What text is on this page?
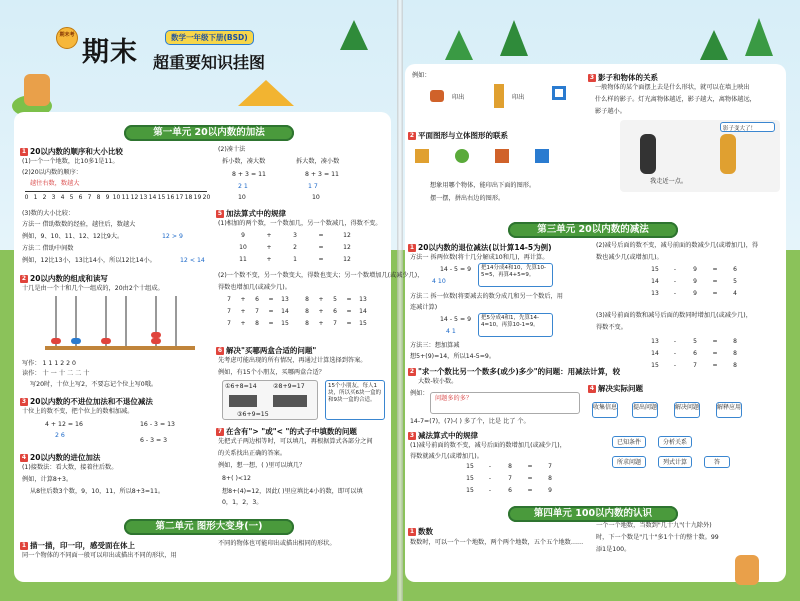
期末考
期末	数学一年级下册(BSD)
超重要知识挂图
第一单元 20以内数的加法
1 20以内数的顺序和大小比较
(1)一个一个地数，比10多1是11。
(2)20以内数的顺序：
越往右数，数越大
0 1 2 3 4 5 6 7 8 9 10 11 12 13 14 15 16 17 18 19 20
(3)数的大小比较：
方法一 借助数数的经验，越往后，数越大
例如，9、10、11、12、12比9大。	12 > 9
方法二 借助中间数
例如，12比13小，13比14小，所以12比14小。	12 < 14
2 20以内数的组成和读写
十几是由一个十和几个一组成的，20由2个十组成。
写作： 1 1 1 2 2 0
读作： 十 一 十 二 二 十
写20时，十位上写2，不要忘记个位上写0哦。
3 20以内数的不进位加法和不退位减法
十位上的数不变，把个位上的数相加减。
4 + 12 = 16	16 - 3 = 13
2 6
6 - 3 = 3
4 20以内数的进位加法
(1)接数法：看大数，接着往后数。
例如，计算8+3。
从8往后数3个数，9，10，11，所以8+3=11。
(2)凑十法
拆小数，凑大数	拆大数，凑小数
8 + 3 = 11	8 + 3 = 11
2 1	1 7
10	10
5 加法算式中的规律
(1)相加的两个数，一个数加几，另一个数减几，得数不变。
9	+	3	=	12
10	+	2	=	12
11	+	1	=	12
(2)一个数不变，另一个数变大，得数也变大；另一个数增加几(或减少几)，
得数也增加几(或减少几)。
7	+	6	=	13
7	+	7	=	14
7	+	8	=	15
8	+	5	=	13
8	+	6	=	14
8	+	7	=	15
6 解决"买哪两盒合适的问题"
先考虑可能出现的所有情况，再通过计算选择到答案。
例如，有15个小朋友，买哪两盒合适？
①6+8=14	②8+9=17
③6+9=15
15个小朋友，每人1块，所以买6块一盒的和9块一盒的合适。
7 在含有"> "或"< "的式子中填数的问题
先把式子两边相等时，可以填几，再根据算式各部分之间
的关系找出正确的答案。
例如，想一想，( )里可以填几？
8+( )<12
想8+(4)=12，因此( )里应填比4小的数，即可以填
0，1，2，3。
第二单元 图形大变身(一)
1 描一描，印一印，感受面在体上
同一个物体的不同面一般可以印出或描出不同的形状，用
不同的物体也可能印出或描出相同的形状。
例如：
印出	印出
2 平面图形与立体图形的联系
想象用哪个物体，能印出下面的图形。
摆一摆，拼出右边的图形。
3 影子和物体的关系
一般物体的某个面摆上去是什么形状，就可以在墙上映出
什么样的影子。灯光离物体越近，影子越大，离物体越远，
影子越小。
影子变大了！
我走近一点。
第三单元 20以内数的减法
1 20以内数的退位减法(以计算14-5为例)
方法一 拆两位数(将十几分解成10和几)，再计算。
14 - 5 = 9
4 10
把14分成4和10，先算10-5=5，再算4+5=9。
方法二 拆一位数(将要减去的数分成几和另一个数后，用
连减计算)
14 - 5 = 9
4 1
把5分成4和1，先算14-4=10，再算10-1=9。
方法三：想加算减
想5+(9)=14，所以14-5=9。
2 "求一个数比另一个数多(或少)多少"的问题：用减法计算，较
大数-较小数。
例如：
问题多的多？
14-7=(7)，(7)-( ) 多了个，比是 比了 个。
3 减法算式中的规律
(1)减号前面的数不变，减号后面的数增加几(或减少几)，
得数就减少几(或增加几)。
15	-	8	=	7
15	-	7	=	8
15	-	6	=	9
(2)减号后面的数不变，减号前面的数减少几(或增加几)，得
数也减少几(或增加几)。
15	-	9	=	6
14	-	9	=	5
13	-	9	=	4
(3)减号前面的数和减号后面的数同时增加几(或减少几)，
得数不变。
13	-	5	=	8
14	-	6	=	8
15	-	7	=	8
4 解决实际问题
收集信息	提出问题	解决问题	解释应用
已知条件
所求问题
分析关系
列式计算	答
第四单元 100以内数的认识
1 数数
数数时，可以一个一个地数，两个两个地数，五个五个地数……
一个一个地数，当数到"几十九"(十九除外)
时，下一个数是"几十"多1个十的整十数。99
添1是100。
